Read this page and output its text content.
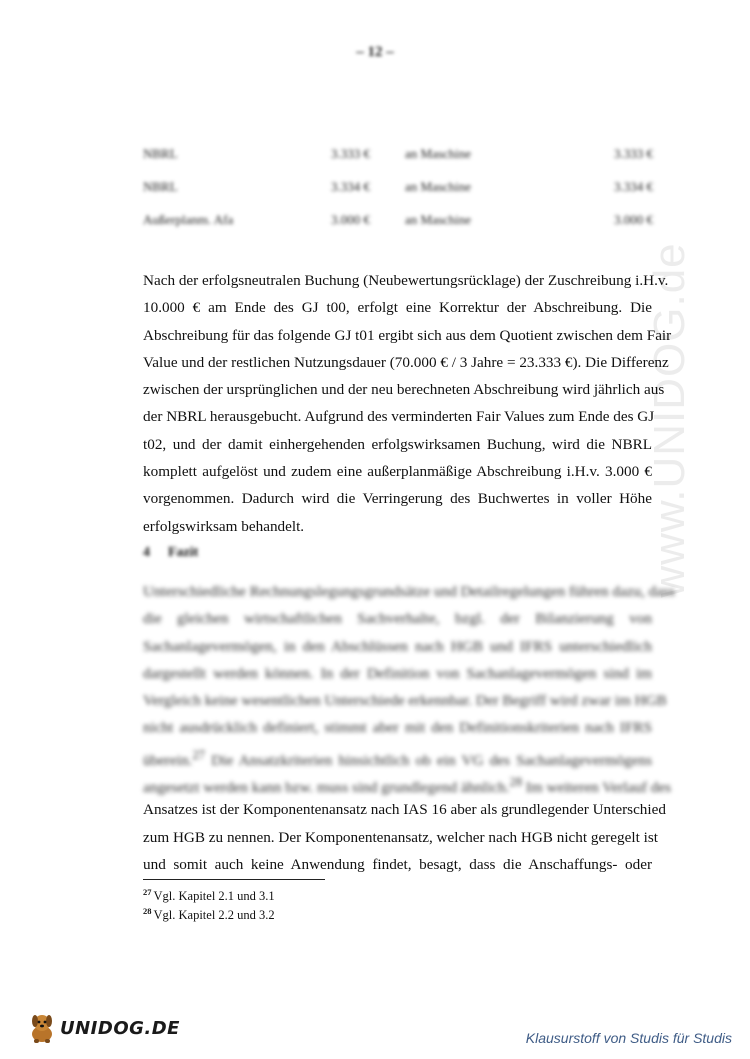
– 12 –
NBRL	3.333 €	an Maschine	3.333 €
NBRL	3.334 €	an Maschine	3.334 €
Außerplanm. Afa	3.000 €	an Maschine	3.000 €
www.UNIDOG.de
Nach der erfolgsneutralen Buchung (Neubewertungsrücklage) der Zuschreibung i.H.v.
10.000 € am Ende des GJ t00, erfolgt eine Korrektur der Abschreibung. Die
Abschreibung für das folgende GJ t01 ergibt sich aus dem Quotient zwischen dem Fair
Value und der restlichen Nutzungsdauer (70.000 € / 3 Jahre = 23.333 €). Die Differenz
zwischen der ursprünglichen und der neu berechneten Abschreibung wird jährlich aus
der NBRL herausgebucht. Aufgrund des verminderten Fair Values zum Ende des GJ
t02, und der damit einhergehenden erfolgswirksamen Buchung, wird die NBRL
komplett aufgelöst und zudem eine außerplanmäßige Abschreibung i.H.v. 3.000 €
vorgenommen. Dadurch wird die Verringerung des Buchwertes in voller Höhe
erfolgswirksam behandelt.
4 Fazit
Unterschiedliche Rechnungslegungsgrundsätze und Detailregelungen führen dazu, dass
die gleichen wirtschaftlichen Sachverhalte, bzgl. der Bilanzierung von
Sachanlagevermögen, in den Abschlüssen nach HGB und IFRS unterschiedlich
dargestellt werden können. In der Definition von Sachanlagevermögen sind im
Vergleich keine wesentlichen Unterschiede erkennbar. Der Begriff wird zwar im HGB
nicht ausdrücklich definiert, stimmt aber mit den Definitionskriterien nach IFRS
überein.$^{27}$ Die Ansatzkriterien hinsichtlich ob ein VG des Sachanlagevermögens
angesetzt werden kann bzw. muss sind grundlegend ähnlich.$^{28}$ Im weiteren Verlauf des
Ansatzes ist der Komponentenansatz nach IAS 16 aber als grundlegender Unterschied
zum HGB zu nennen. Der Komponentenansatz, welcher nach HGB nicht geregelt ist
und somit auch keine Anwendung findet, besagt, dass die Anschaffungs- oder
$^{27}$ Vgl. Kapitel 2.1 und 3.1
$^{28}$ Vgl. Kapitel 2.2 und 3.2
UNIDOG.DE	Klausurstoff von Studis für Studis
